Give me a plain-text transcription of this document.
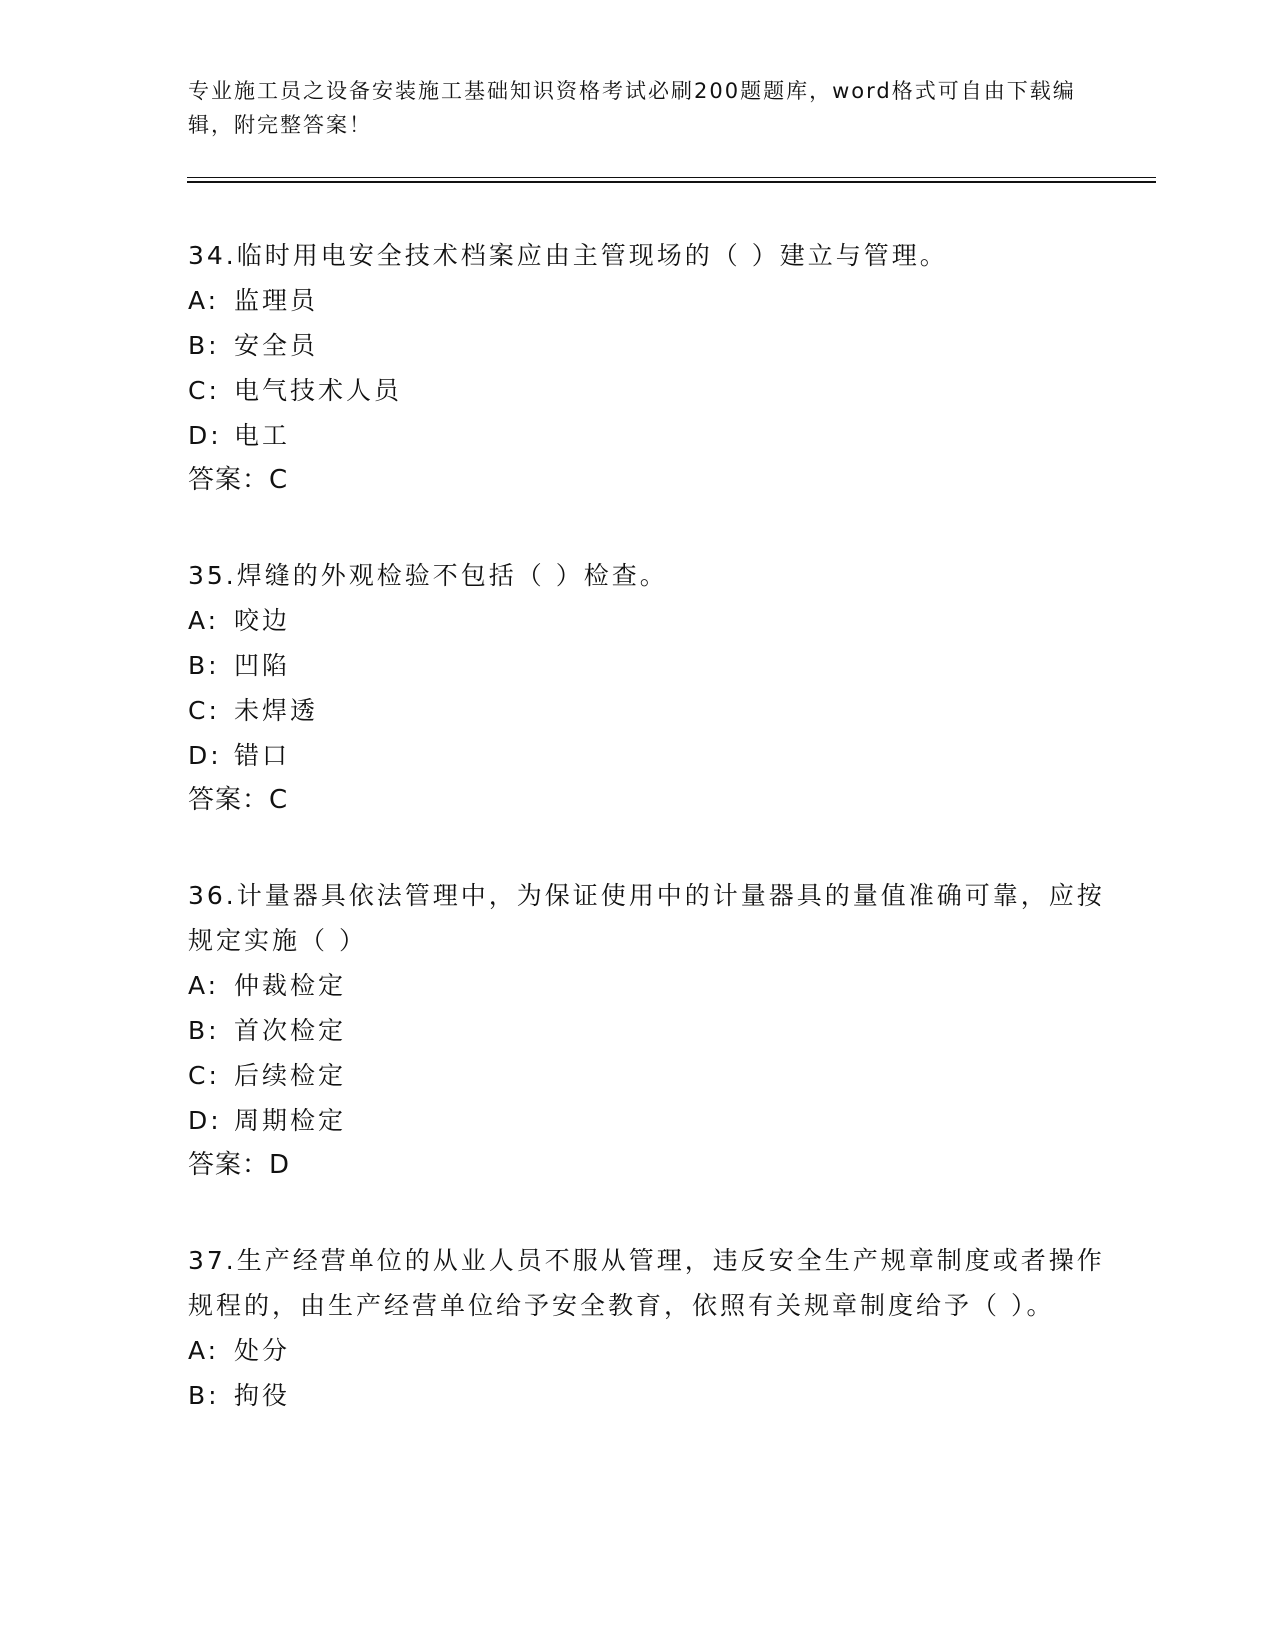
专业施工员之设备安装施工基础知识资格考试必刷200题题库，word格式可自由下载编辑，附完整答案！

34.临时用电安全技术档案应由主管现场的（ ）建立与管理。

A: 监理员
B: 安全员
C: 电气技术人员
D: 电工

答案：C

35.焊缝的外观检验不包括（ ）检查。

A: 咬边
B: 凹陷
C: 未焊透
D: 错口

答案：C

36.计量器具依法管理中，为保证使用中的计量器具的量值准确可靠，应按规定实施（ ）

A: 仲裁检定
B: 首次检定
C: 后续检定
D: 周期检定

答案：D

37.生产经营单位的从业人员不服从管理，违反安全生产规章制度或者操作规程的，由生产经营单位给予安全教育，依照有关规章制度给予（ ）。

A: 处分
B: 拘役
